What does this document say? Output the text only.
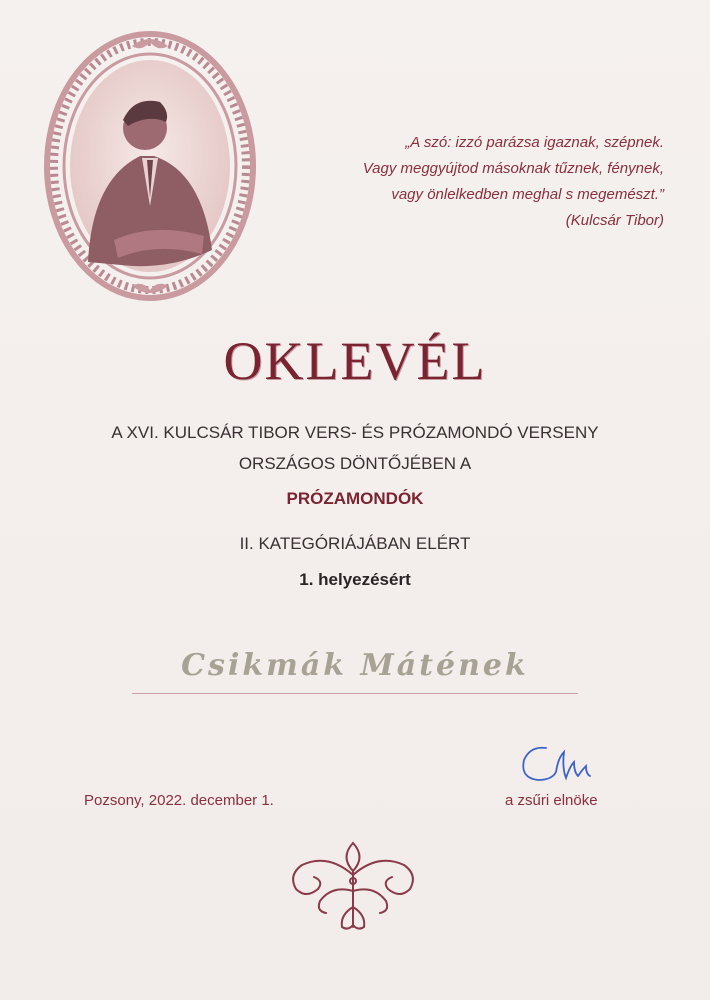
„A szó: izzó parázsa igaznak, szépnek.
Vagy meggyújtod másoknak tűznek, fénynek,
vagy önlelkedben meghal s megemészt.”
(Kulcsár Tibor)
OKLEVÉL
A XVI. KULCSÁR TIBOR VERS- ÉS PRÓZAMONDÓ VERSENY
ORSZÁGOS DÖNTŐJÉBEN A
PRÓZAMONDÓK
II. KATEGÓRIÁJÁBAN ELÉRT
1. helyezésért
Csikmák Mátének
Pozsony, 2022. december 1.	a zsűri elnöke
